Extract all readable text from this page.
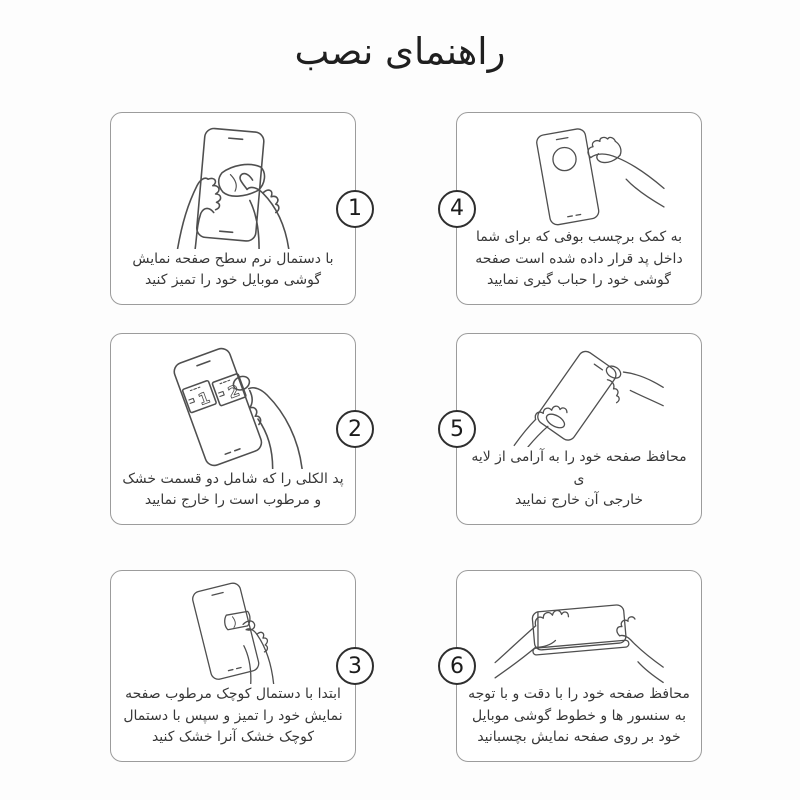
راهنمای نصب
1
با دستمال نرم سطح صفحه نمایش
گوشی موبایل خود را تمیز کنید
2
1 2
پد الکلی را که شامل دو قسمت خشک
و مرطوب است را خارج نمایید
3
ابتدا با دستمال کوچک مرطوب صفحه
نمایش خود را تمیز و سپس با دستمال
کوچک خشک آنرا خشک کنید
4
به کمک برچسب بوفی که برای شما
داخل پد قرار داده شده است صفحه
گوشی خود را حباب گیری نمایید
5
محافظ صفحه خود را به آرامی از لایه ی
خارجی آن خارج نمایید
6
محافظ صفحه خود را با دقت و با توجه
به سنسور ها و خطوط گوشی موبایل
خود بر روی صفحه نمایش بچسبانید
